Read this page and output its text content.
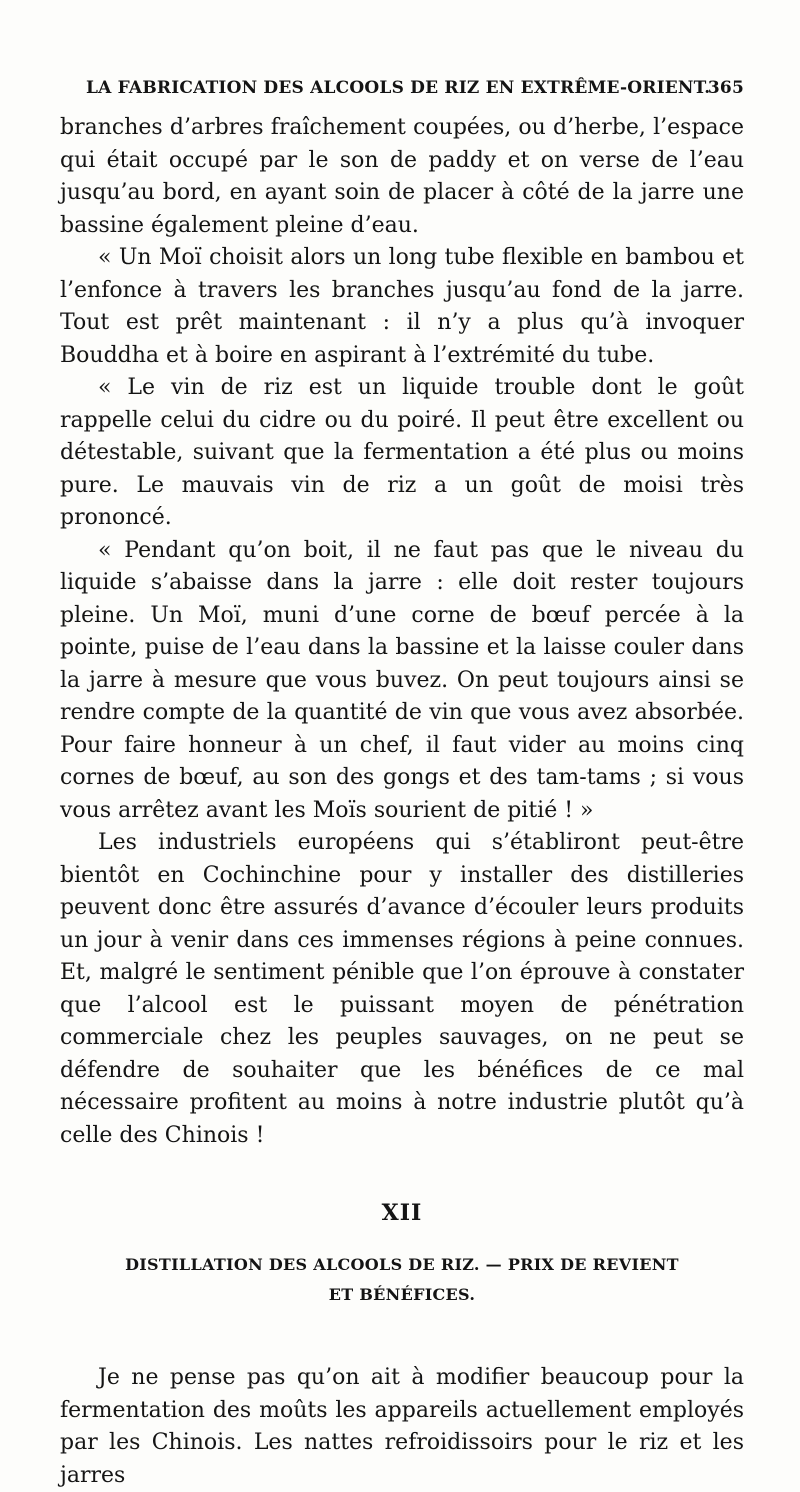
LA FABRICATION DES ALCOOLS DE RIZ EN EXTRÊME-ORIENT.
365

branches d’arbres fraîchement coupées, ou d’herbe, l’espace qui était occupé par le son de paddy et on verse de l’eau jusqu’au bord, en ayant soin de placer à côté de la jarre une bassine également pleine d’eau.

« Un Moï choisit alors un long tube flexible en bambou et l’enfonce à travers les branches jusqu’au fond de la jarre. Tout est prêt maintenant : il n’y a plus qu’à invoquer Bouddha et à boire en aspirant à l’extrémité du tube.

« Le vin de riz est un liquide trouble dont le goût rappelle celui du cidre ou du poiré. Il peut être excellent ou détestable, suivant que la fermentation a été plus ou moins pure. Le mauvais vin de riz a un goût de moisi très prononcé.

« Pendant qu’on boit, il ne faut pas que le niveau du liquide s’abaisse dans la jarre : elle doit rester toujours pleine. Un Moï, muni d’une corne de bœuf percée à la pointe, puise de l’eau dans la bassine et la laisse couler dans la jarre à mesure que vous buvez. On peut toujours ainsi se rendre compte de la quantité de vin que vous avez absorbée. Pour faire honneur à un chef, il faut vider au moins cinq cornes de bœuf, au son des gongs et des tam-tams ; si vous vous arrêtez avant les Moïs sourient de pitié ! »

Les industriels européens qui s’établiront peut-être bientôt en Cochinchine pour y installer des distilleries peuvent donc être assurés d’avance d’écouler leurs produits un jour à venir dans ces immenses régions à peine connues. Et, malgré le sentiment pénible que l’on éprouve à constater que l’alcool est le puissant moyen de pénétration commerciale chez les peuples sauvages, on ne peut se défendre de souhaiter que les bénéfices de ce mal nécessaire profitent au moins à notre industrie plutôt qu’à celle des Chinois !

XII
DISTILLATION DES ALCOOLS DE RIZ. — PRIX DE REVIENT
ET BÉNÉFICES.

Je ne pense pas qu’on ait à modifier beaucoup pour la fermentation des moûts les appareils actuellement employés par les Chinois. Les nattes refroidissoirs pour le riz et les jarres
